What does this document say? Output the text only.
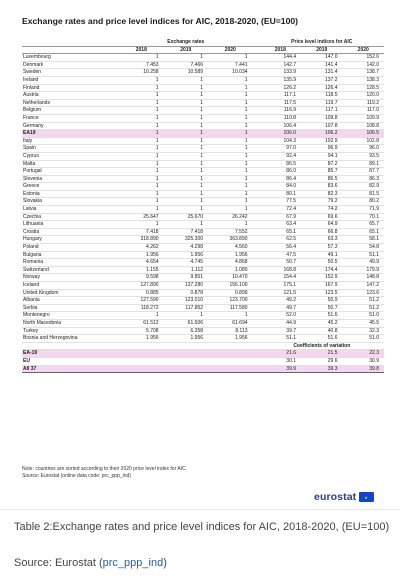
Exchange rates and price level indices for AIC, 2018-2020, (EU=100)
	Exchange rates				Price level indices for AIC		
	2018	2019	2020		2018	2019	2020
Luxembourg	1	1	1		144.4	147.0	152.6
Denmark	7.453	7.466	7.441		142.7	141.4	142.0
Sweden	10.258	10.589	10.034		133.9	131.4	138.7
Ireland	1	1	1		135.9	137.2	138.3
Finland	1	1	1		126.2	126.4	128.5
Austria	1	1	1		117.1	118.5	120.0
Netherlands	1	1	1		117.5	119.7	119.2
Belgium	1	1	1		116.9	117.1	117.0
France	1	1	1		110.8	109.8	109.9
Germany	1	1	1		106.4	107.8	108.8
EA19	1	1	1		106.0	106.2	106.5
Italy	1	1	1		104.3	102.9	102.8
Spain	1	1	1		97.0	96.9	96.0
Cyprus	1	1	1		92.4	94.1	93.5
Malta	1	1	1		86.5	87.2	89.1
Portugal	1	1	1		86.0	85.7	87.7
Slovenia	1	1	1		86.4	86.5	86.3
Greece	1	1	1		84.0	83.6	82.9
Estonia	1	1	1		80.1	82.3	81.5
Slovakia	1	1	1		77.5	79.2	80.2
Latvia	1	1	1		72.4	74.2	71.9
Czechia	25.647	25.670	26.242		67.9	69.6	70.1
Lithuania	1	1	1		63.4	64.9	65.7
Croatia	7.418	7.418	7.552		65.1	66.8	65.1
Hungary	318.890	325.300	363.890		62.5	63.3	58.1
Poland	4.262	4.298	4.560		56.4	57.3	54.8
Bulgaria	1.956	1.956	1.956		47.5	49.1	51.1
Romania	4.654	4.745	4.868		50.7	50.5	49.9
Switzerland	1.155	1.112	1.080		168.8	174.4	179.9
Norway	9.598	9.851	10.470		154.4	152.9	148.8
Iceland	127.890	137.280	156.100		175.1	167.9	147.2
United Kingdom	0.885	0.878	0.899		121.5	123.5	123.6
Albania	127.590	123.010	123.700		49.2	50.9	51.2
Serbia	118.272	117.852	117.580		49.7	50.7	51.2
Montenegro	1	1	1		52.0	51.6	51.0
North Macedonia	61.512	61.506	61.694		44.9	45.2	45.5
Turkey	5.708	6.358	8.113		39.7	40.8	32.3
Bosnia and Herzegovina	1.956	1.956	1.956		51.1	51.6	51.0
					Coefficients of variation		
EA-19					21.6	21.5	22.3
EU					30.1	29.6	30.9
All 37					39.9	39.3	39.8
Note: countries are sorted according to their 2020 price level index for AIC.
Source: Eurostat (online data code: prc_ppp_ind)
eurostat ★
Table 2:Exchange rates and price level indices for AIC, 2018-2020, (EU=100)
Source: Eurostat (prc_ppp_ind)
